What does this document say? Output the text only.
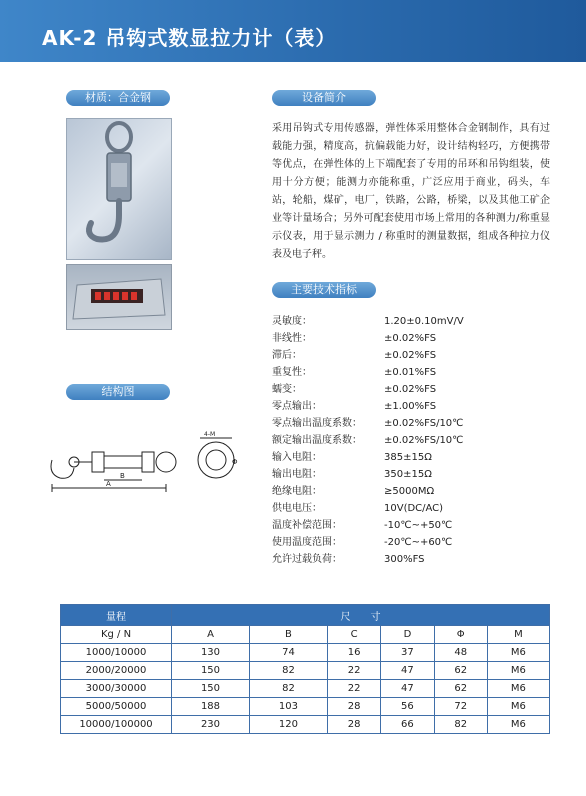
AK-2 吊钩式数显拉力计（表）
材质：合金钢	设备简介
采用吊钩式专用传感器，弹性体采用整体合金钢制作，具有过载能力强，精度高，抗偏载能力好，设计结构轻巧，方便携带等优点，在弹性体的上下端配套了专用的吊环和吊钩组装，使用十分方便；能测力亦能称重，广泛应用于商业，码头，车站，轮船，煤矿，电厂，铁路，公路，桥梁，以及其他工矿企业等计量场合；另外可配套使用市场上常用的各种测力/称重显示仪表，用于显示测力 / 称重时的测量数据，组成各种拉力仪表及电子秤。
主要技术指标
灵敏度：	1.20±0.10mV/V
非线性：	±0.02%FS
滞后：	±0.02%FS
重复性：	±0.01%FS
蠕变：	±0.02%FS
零点输出：	±1.00%FS
零点输出温度系数： ±0.02%FS/10℃
额定输出温度系数： ±0.02%FS/10℃
输入电阻：	385±15Ω
输出电阻：	350±15Ω
绝缘电阻：	≥5000MΩ
供电电压：	10V(DC/AC)
温度补偿范围：	-10℃~+50℃
使用温度范围：	-20℃~+60℃
允许过载负荷：	300%FS
结构图
A
B
Φ
4-M
量程	尺　　寸					
Kg / N	A	B	C	D	Φ	M
1000/10000	130	74	16	37	48	M6
2000/20000	150	82	22	47	62	M6
3000/30000	150	82	22	47	62	M6
5000/50000	188	103	28	56	72	M6
10000/100000	230	120	28	66	82	M6
